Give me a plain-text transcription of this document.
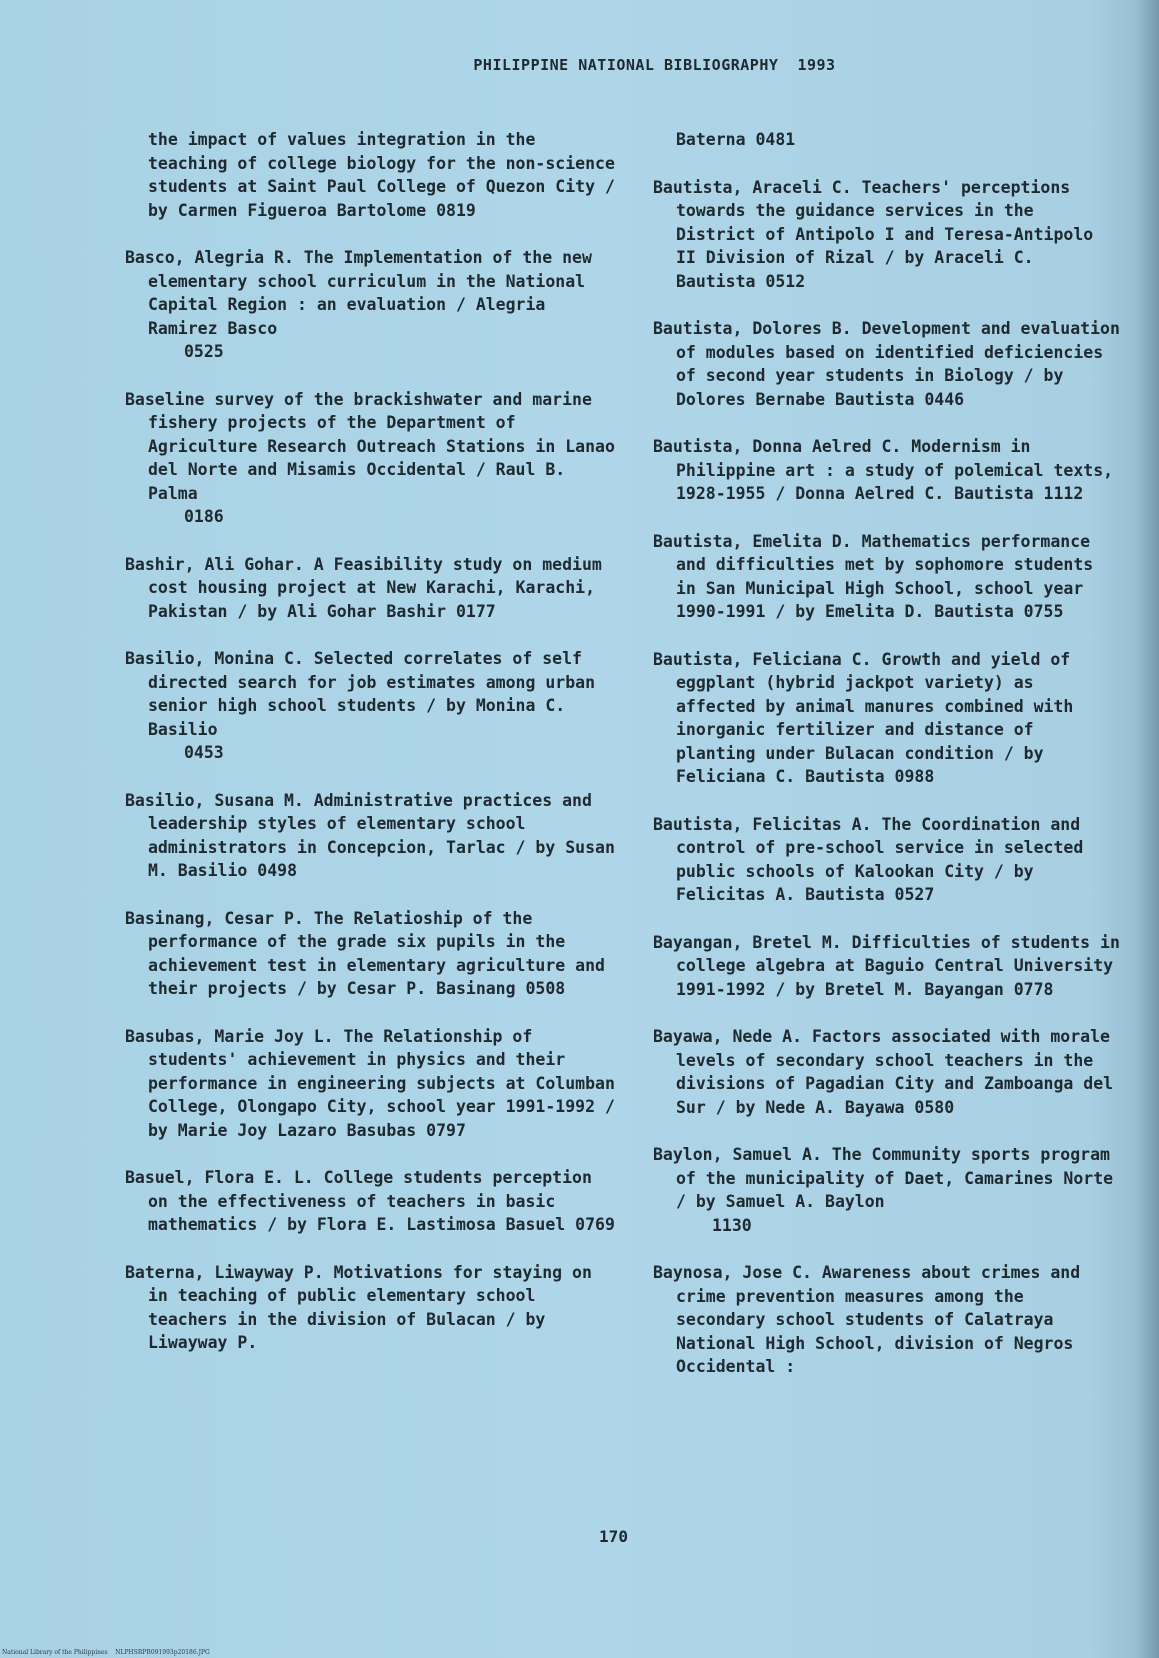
PHILIPPINE NATIONAL BIBLIOGRAPHY  1993
the impact of values integration in the teaching of college biology for the non-science students at Saint Paul College of Quezon City / by Carmen Figueroa Bartolome 0819
Basco, Alegria R. The Implementation of the new elementary school curriculum in the National Capital Region : an evaluation / Alegria Ramirez Basco
0525
Baseline survey of the brackishwater and marine fishery projects of the Department of Agriculture Research Outreach Stations in Lanao del Norte and Misamis Occidental / Raul B. Palma
0186
Bashir, Ali Gohar. A Feasibility study on medium cost housing project at New Karachi, Karachi, Pakistan / by Ali Gohar Bashir 0177
Basilio, Monina C. Selected correlates of self directed search for job estimates among urban senior high school students / by Monina C. Basilio
0453
Basilio, Susana M. Administrative practices and leadership styles of elementary school administrators in Concepcion, Tarlac / by Susan M. Basilio 0498
Basinang, Cesar P. The Relatioship of the performance of the grade six pupils in the achievement test in elementary agriculture and their projects / by Cesar P. Basinang 0508
Basubas, Marie Joy L. The Relationship of students' achievement in physics and their performance in engineering subjects at Columban College, Olongapo City, school year 1991-1992 / by Marie Joy Lazaro Basubas 0797
Basuel, Flora E. L. College students perception on the effectiveness of teachers in basic mathematics / by Flora E. Lastimosa Basuel 0769
Baterna, Liwayway P. Motivations for staying on in teaching of public elementary school teachers in the division of Bulacan / by Liwayway P.
Baterna 0481
Bautista, Araceli C. Teachers' perceptions towards the guidance services in the District of Antipolo I and Teresa-Antipolo II Division of Rizal / by Araceli C. Bautista 0512
Bautista, Dolores B. Development and evaluation of modules based on identified deficiencies of second year students in Biology / by Dolores Bernabe Bautista 0446
Bautista, Donna Aelred C. Modernism in Philippine art : a study of polemical texts, 1928-1955 / Donna Aelred C. Bautista 1112
Bautista, Emelita D. Mathematics performance and difficulties met by sophomore students in San Municipal High School, school year 1990-1991 / by Emelita D. Bautista 0755
Bautista, Feliciana C. Growth and yield of eggplant (hybrid jackpot variety) as affected by animal manures combined with inorganic fertilizer and distance of planting under Bulacan condition / by Feliciana C. Bautista 0988
Bautista, Felicitas A. The Coordination and control of pre-school service in selected public schools of Kalookan City / by Felicitas A. Bautista 0527
Bayangan, Bretel M. Difficulties of students in college algebra at Baguio Central University 1991-1992 / by Bretel M. Bayangan 0778
Bayawa, Nede A. Factors associated with morale levels of secondary school teachers in the divisions of Pagadian City and Zamboanga del Sur / by Nede A. Bayawa 0580
Baylon, Samuel A. The Community sports program of the municipality of Daet, Camarines Norte / by Samuel A. Baylon
1130
Baynosa, Jose C. Awareness about crimes and crime prevention measures among the secondary school students of Calatraya National High School, division of Negros Occidental :
170
National Library of the Philippines    NLPHSRPB091993p20186.JPG
